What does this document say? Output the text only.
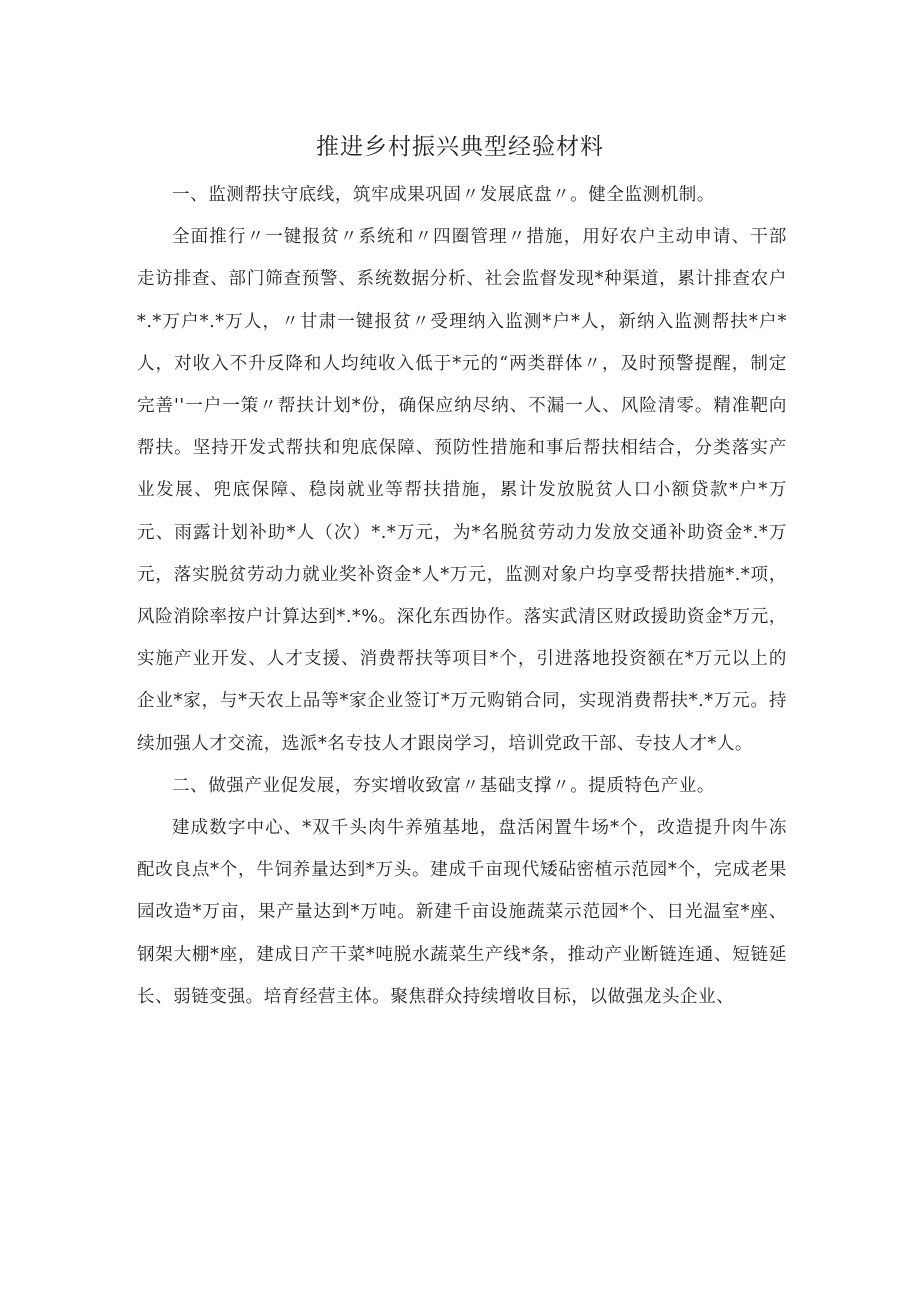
推进乡村振兴典型经验材料

一、监测帮扶守底线，筑牢成果巩固〃发展底盘〃。健全监测机制。

全面推行〃一键报贫〃系统和〃四圈管理〃措施，用好农户主动申请、干部走访排查、部门筛查预警、系统数据分析、社会监督发现*种渠道，累计排查农户*.*万户*.*万人，〃甘肃一键报贫〃受理纳入监测*户*人，新纳入监测帮扶*户*人，对收入不升反降和人均纯收入低于*元的“两类群体〃，及时预警提醒，制定完善''一户一策〃帮扶计划*份，确保应纳尽纳、不漏一人、风险清零。精准靶向帮扶。坚持开发式帮扶和兜底保障、预防性措施和事后帮扶相结合，分类落实产业发展、兜底保障、稳岗就业等帮扶措施，累计发放脱贫人口小额贷款*户*万元、雨露计划补助*人（次）*.*万元，为*名脱贫劳动力发放交通补助资金*.*万元，落实脱贫劳动力就业奖补资金*人*万元，监测对象户均享受帮扶措施*.*项，风险消除率按户计算达到*.*%。深化东西协作。落实武清区财政援助资金*万元，实施产业开发、人才支援、消费帮扶等项目*个，引进落地投资额在*万元以上的企业*家，与*天农上品等*家企业签订*万元购销合同，实现消费帮扶*.*万元。持续加强人才交流，选派*名专技人才跟岗学习，培训党政干部、专技人才*人。

二、做强产业促发展，夯实增收致富〃基础支撑〃。提质特色产业。

建成数字中心、*双千头肉牛养殖基地，盘活闲置牛场*个，改造提升肉牛冻配改良点*个，牛饲养量达到*万头。建成千亩现代矮砧密植示范园*个，完成老果园改造*万亩，果产量达到*万吨。新建千亩设施蔬菜示范园*个、日光温室*座、钢架大棚*座，建成日产干菜*吨脱水蔬菜生产线*条，推动产业断链连通、短链延长、弱链变强。培育经营主体。聚焦群众持续增收目标，以做强龙头企业、
